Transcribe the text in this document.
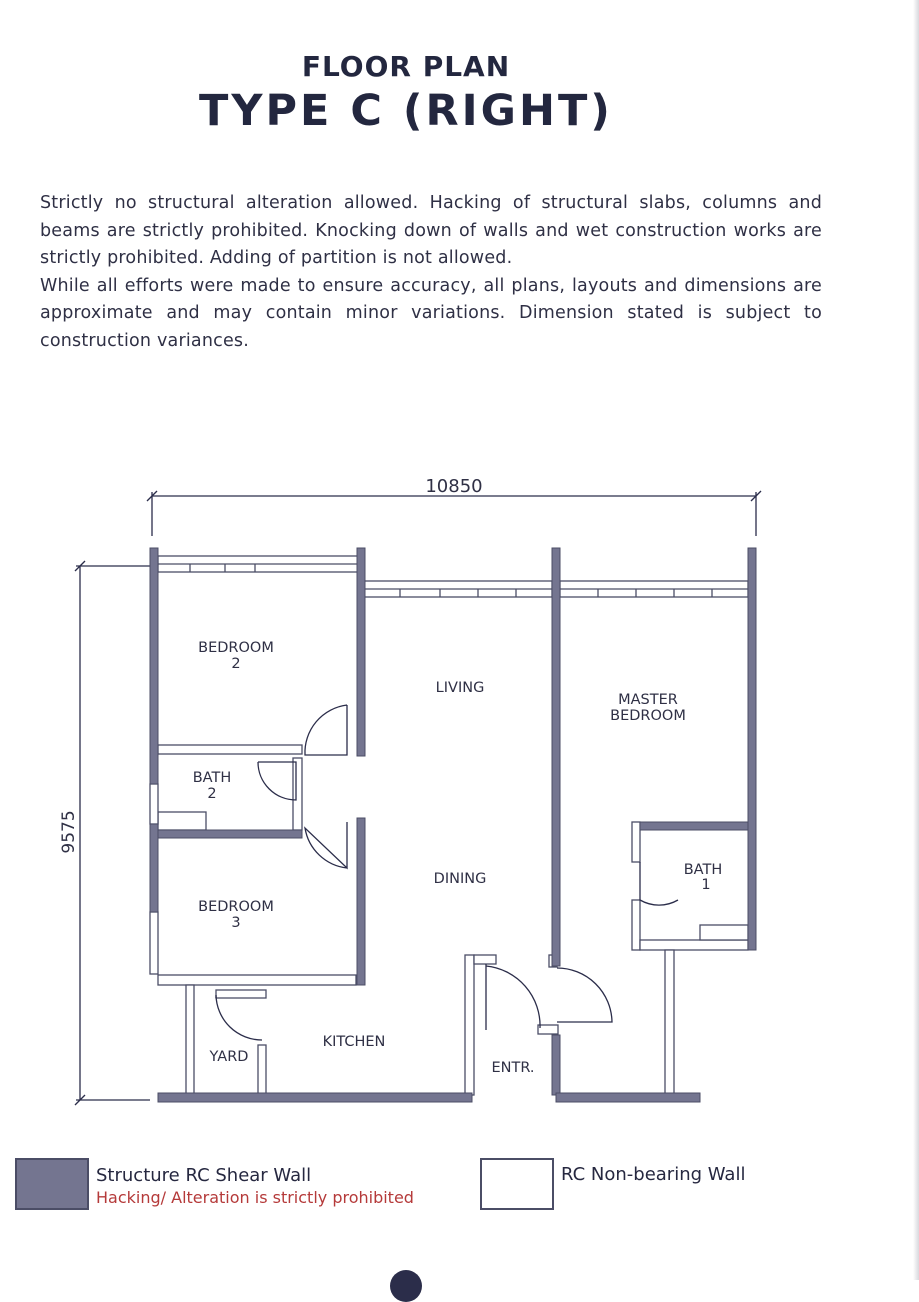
FLOOR PLAN
TYPE C (RIGHT)

Strictly no structural alteration allowed. Hacking of structural slabs, columns and beams are strictly prohibited. Knocking down of walls and wet construction works are strictly prohibited. Adding of partition is not allowed.

While all efforts were made to ensure accuracy, all plans, layouts and dimensions are approximate and may contain minor variations. Dimension stated is subject to construction variances.

BEDROOM
2
BATH
2
BEDROOM
3
LIVING
DINING
MASTER
BEDROOM
BATH
1
KITCHEN
YARD
ENTR.
10850
9575
Structure RC Shear Wall
Hacking/ Alteration is strictly prohibited
RC Non-bearing Wall
